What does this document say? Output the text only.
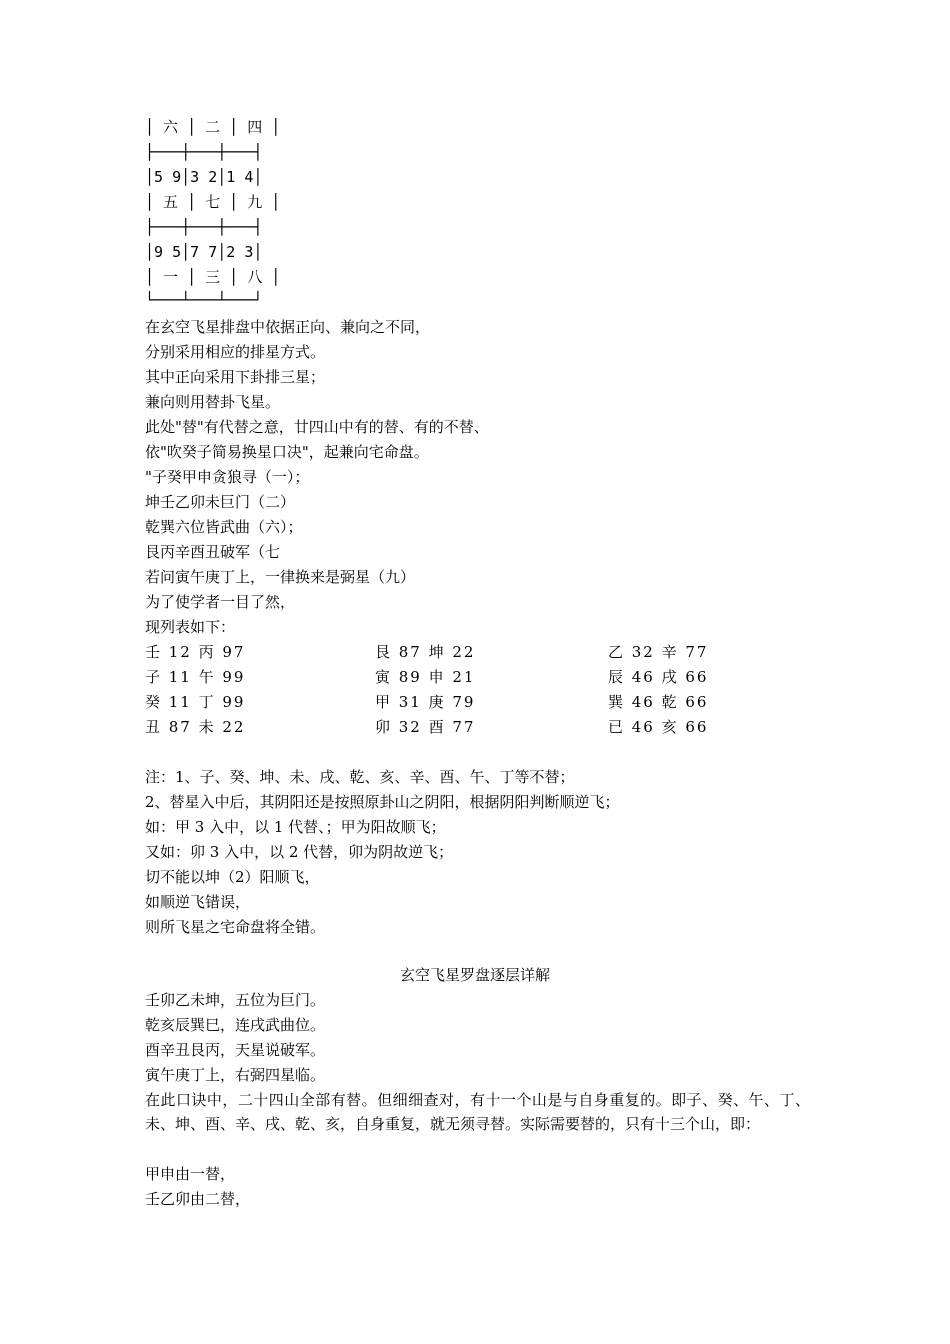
│ 六 │ 二 │ 四 │
├───┼───┼───┤
│5 9│3 2│1 4│
│ 五 │ 七 │ 九 │
├───┼───┼───┤
│9 5│7 7│2 3│
│ 一 │ 三 │ 八 │
└───┴───┴───┘
在玄空飞星排盘中依据正向、兼向之不同，
分别采用相应的排星方式。
其中正向采用下卦排三星；
兼向则用替卦飞星。
此处"替"有代替之意，廿四山中有的替、有的不替、
依"吹癸子简易换星口决"，起兼向宅命盘。
"子癸甲申贪狼寻（一）；
坤壬乙卯未巨门（二）
乾巽六位皆武曲（六）；
艮丙辛酉丑破军（七
若问寅午庚丁上，一律换来是弼星（九）
为了使学者一目了然，
现列表如下：
壬 12 丙 97	艮 87 坤 22	乙 32 辛 77
子 11 午 99	寅 89 申 21	辰 46 戌 66
癸 11 丁 99	甲 31 庚 79	巽 46 乾 66
丑 87 未 22	卯 32 酉 77	已 46 亥 66
注：1、子、癸、坤、未、戌、乾、亥、辛、酉、午、丁等不替；
2、替星入中后，其阴阳还是按照原卦山之阴阳，根据阴阳判断顺逆飞；
如：甲 3 入中，以 1 代替、；甲为阳故顺飞；
又如：卯 3 入中，以 2 代替，卯为阴故逆飞；
切不能以坤（2）阳顺飞，
如顺逆飞错误，
则所飞星之宅命盘将全错。
玄空飞星罗盘逐层详解
壬卯乙未坤，五位为巨门。
乾亥辰巽巳，连戌武曲位。
酉辛丑艮丙，天星说破军。
寅午庚丁上，右弼四星临。
在此口诀中，二十四山全部有替。但细细查对，有十一个山是与自身重复的。即子、癸、午、丁、未、坤、酉、辛、戌、乾、亥，自身重复，就无须寻替。实际需要替的，只有十三个山，即：
甲申由一替，
壬乙卯由二替，
